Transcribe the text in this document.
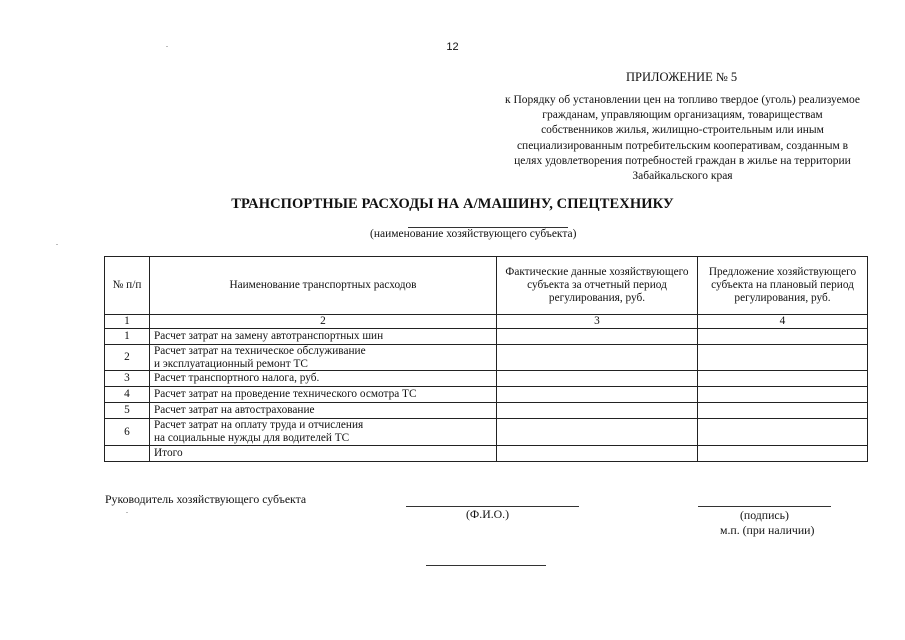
12
ПРИЛОЖЕНИЕ № 5
к Порядку об установлении цен на топливо твердое (уголь) реализуемое гражданам, управляющим организациям, товариществам собственников жилья, жилищно-строительным или иным специализированным потребительским кооперативам, созданным в целях удовлетворения потребностей граждан в жилье на территории Забайкальского края
ТРАНСПОРТНЫЕ РАСХОДЫ НА А/МАШИНУ, СПЕЦТЕХНИКУ
(наименование хозяйствующего субъекта)
№ п/п	Наименование транспортных расходов	Фактические данные хозяйствующего субъекта за отчетный период регулирования, руб.	Предложение хозяйствующего субъекта на плановый период регулирования, руб.
1	2	3	4
1	Расчет затрат на замену автотранспортных шин		
2	Расчет затрат на техническое обслуживание
и эксплуатационный ремонт ТС		
3	Расчет транспортного налога, руб.		
4	Расчет затрат на проведение технического осмотра ТС		
5	Расчет затрат на автострахование		
6	Расчет затрат на оплату труда и отчисления
на социальные нужды для водителей ТС		
	Итого		
Руководитель хозяйствующего субъекта
(Ф.И.О.)	(подпись)
м.п. (при наличии)
